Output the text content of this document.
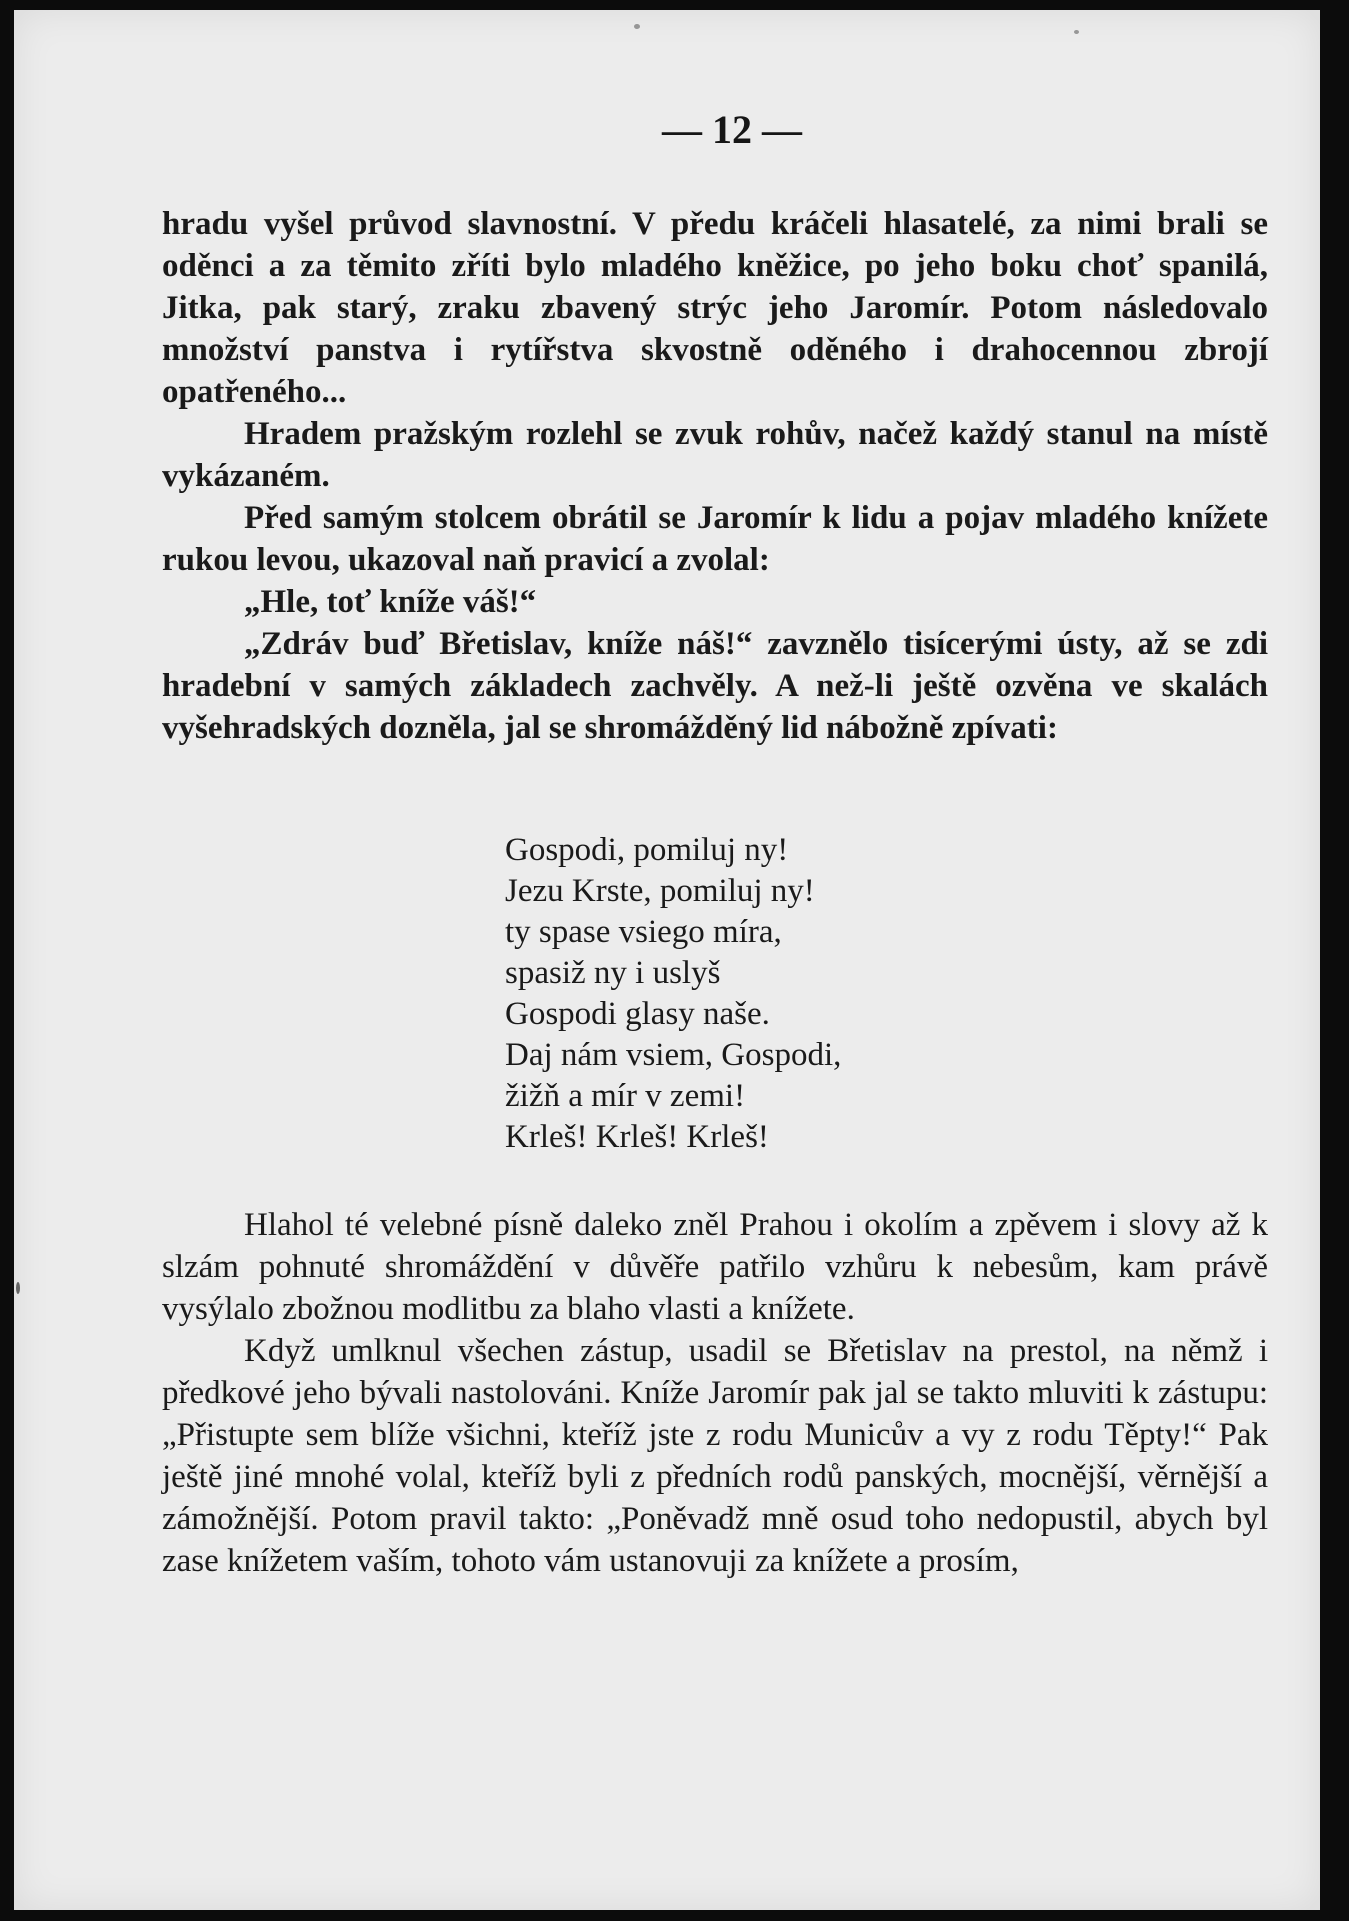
— 12 —

hradu vyšel průvod slavnostní. V předu kráčeli hlasatelé, za nimi brali se oděnci a za těmito zříti bylo mladého kněžice, po jeho boku choť spanilá, Jitka, pak starý, zraku zbavený strýc jeho Jaromír. Potom následovalo množství panstva i rytířstva skvostně oděného i drahocennou zbrojí opatřeného...

Hradem pražským rozlehl se zvuk rohův, načež každý stanul na místě vykázaném.

Před samým stolcem obrátil se Jaromír k lidu a pojav mladého knížete rukou levou, ukazoval naň pravicí a zvolal:

„Hle, toť kníže váš!“

„Zdráv buď Břetislav, kníže náš!“ zavznělo tisícerými ústy, až se zdi hradební v samých základech zachvěly. A než-li ještě ozvěna ve skalách vyšehradských dozněla, jal se shromážděný lid nábožně zpívati:

Gospodi, pomiluj ny!
Jezu Krste, pomiluj ny!
ty spase vsiego míra,
spasiž ny i uslyš
Gospodi glasy naše.
Daj nám vsiem, Gospodi,
žižň a mír v zemi!
Krleš! Krleš! Krleš!

Hlahol té velebné písně daleko zněl Prahou i okolím a zpěvem i slovy až k slzám pohnuté shromáždění v důvěře patřilo vzhůru k nebesům, kam právě vysýlalo zbožnou modlitbu za blaho vlasti a knížete.

Když umlknul všechen zástup, usadil se Břetislav na prestol, na němž i předkové jeho bývali nastolováni. Kníže Jaromír pak jal se takto mluviti k zástupu: „Přistupte sem blíže všichni, kteříž jste z rodu Municův a vy z rodu Těpty!“ Pak ještě jiné mnohé volal, kteříž byli z předních rodů panských, mocnější, věrnější a zámožnější. Potom pravil takto: „Poněvadž mně osud toho nedopustil, abych byl zase knížetem vaším, tohoto vám ustanovuji za knížete a prosím,
